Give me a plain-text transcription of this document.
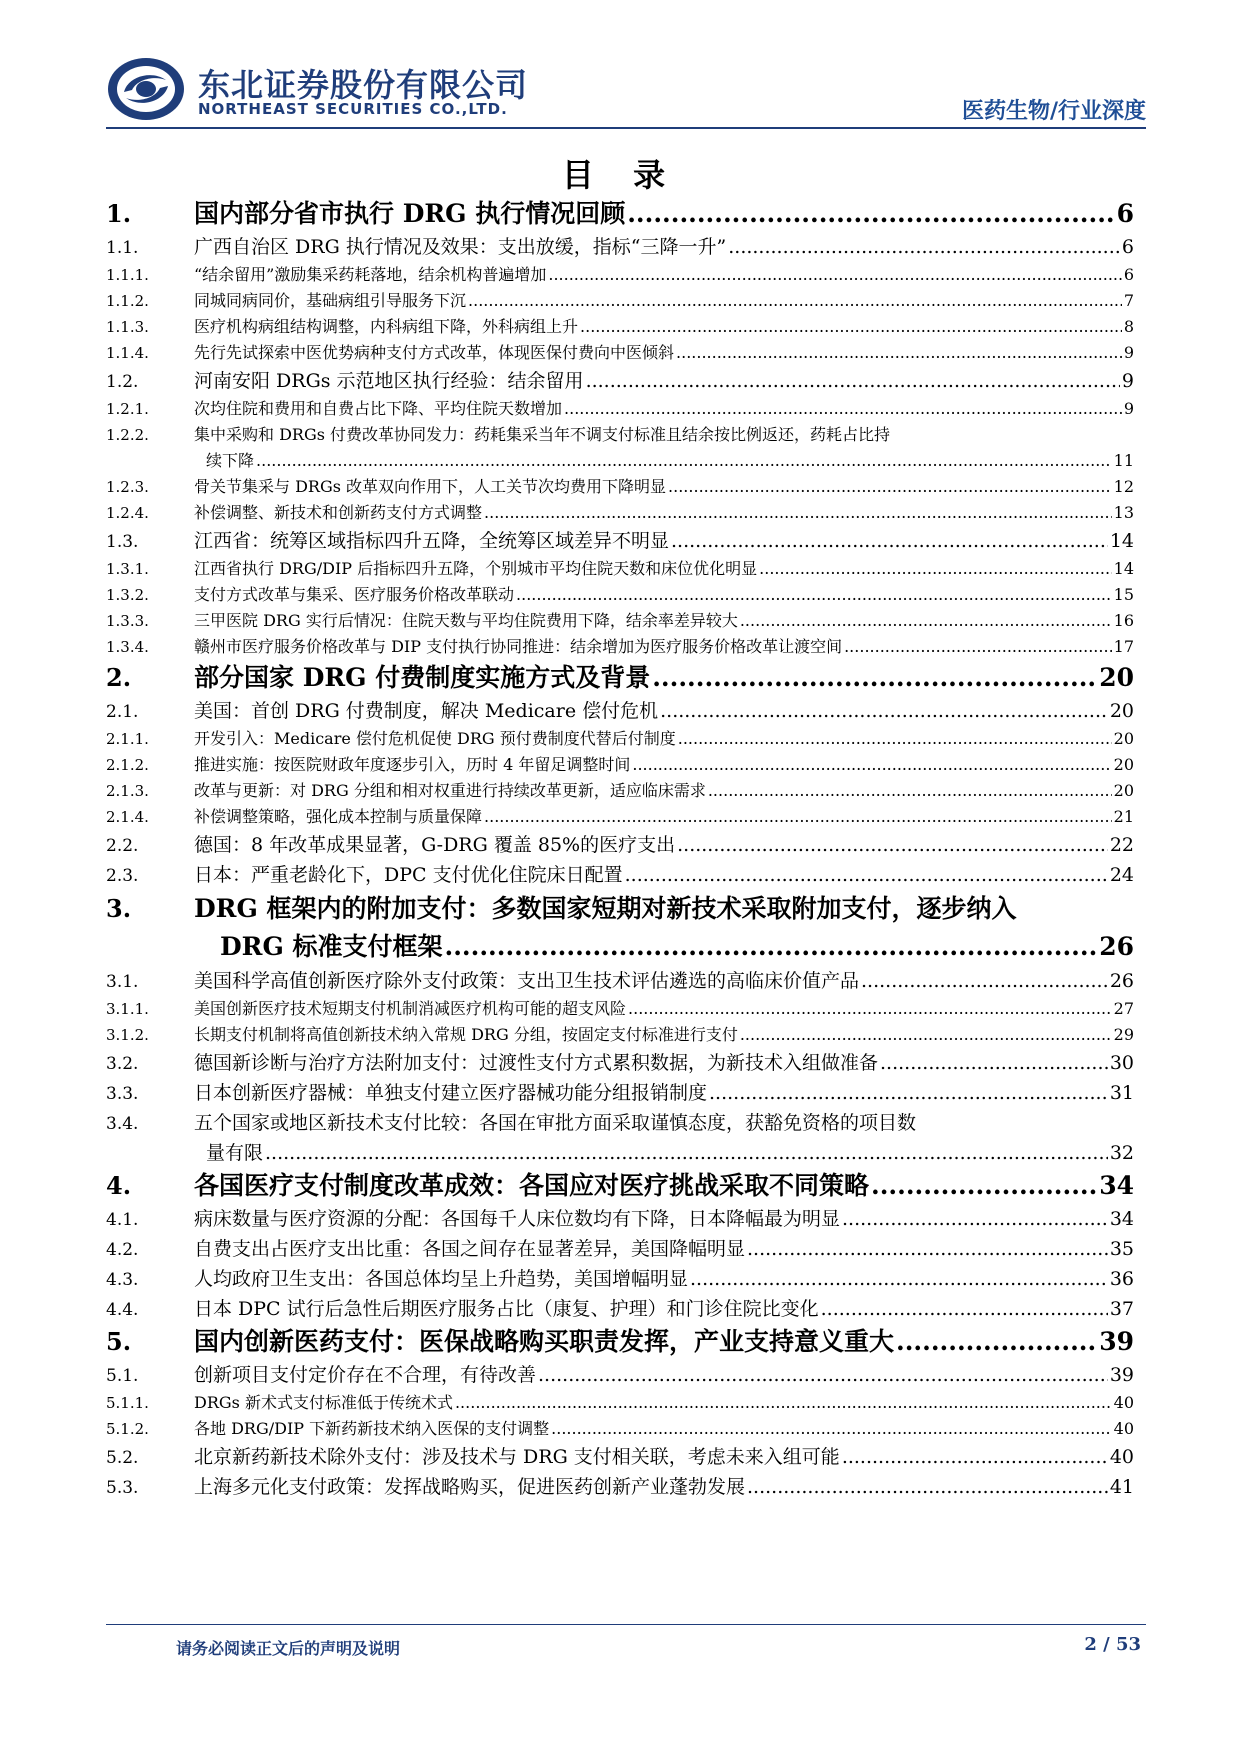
东北证券股份有限公司
NORTHEAST SECURITIES CO.,LTD.	医药生物/行业深度
目 录
1.	国内部分省市执行 DRG 执行情况回顾 .....	6
1.1.	广西自治区 DRG 执行情况及效果：支出放缓，指标“三降一升” .....	6
1.1.1.	“结余留用”激励集采药耗落地，结余机构普遍增加 .....	6
1.1.2.	同城同病同价，基础病组引导服务下沉 .....	7
1.1.3.	医疗机构病组结构调整，内科病组下降，外科病组上升 .....	8
1.1.4.	先行先试探索中医优势病种支付方式改革，体现医保付费向中医倾斜 .....	9
1.2.	河南安阳 DRGs 示范地区执行经验：结余留用 .....	9
1.2.1.	次均住院和费用和自费占比下降、平均住院天数增加 .....	9
1.2.2.	集中采购和 DRGs 付费改革协同发力：药耗集采当年不调支付标准且结余按比例返还，药耗占比持
续下降 .....	11
1.2.3.	骨关节集采与 DRGs 改革双向作用下，人工关节次均费用下降明显 .....	12
1.2.4.	补偿调整、新技术和创新药支付方式调整 .....	13
1.3.	江西省：统筹区域指标四升五降，全统筹区域差异不明显 .....	14
1.3.1.	江西省执行 DRG/DIP 后指标四升五降，个别城市平均住院天数和床位优化明显 .....	14
1.3.2.	支付方式改革与集采、医疗服务价格改革联动 .....	15
1.3.3.	三甲医院 DRG 实行后情况：住院天数与平均住院费用下降，结余率差异较大 .....	16
1.3.4.	赣州市医疗服务价格改革与 DIP 支付执行协同推进：结余增加为医疗服务价格改革让渡空间 .....	17
2.	部分国家 DRG 付费制度实施方式及背景 .....	20
2.1.	美国：首创 DRG 付费制度，解决 Medicare 偿付危机 .....	20
2.1.1.	开发引入：Medicare 偿付危机促使 DRG 预付费制度代替后付制度 .....	20
2.1.2.	推进实施：按医院财政年度逐步引入，历时 4 年留足调整时间 .....	20
2.1.3.	改革与更新：对 DRG 分组和相对权重进行持续改革更新，适应临床需求 .....	20
2.1.4.	补偿调整策略，强化成本控制与质量保障 .....	21
2.2.	德国：8 年改革成果显著，G-DRG 覆盖 85%的医疗支出 .....	22
2.3.	日本：严重老龄化下，DPC 支付优化住院床日配置 .....	24
3.	DRG 框架内的附加支付：多数国家短期对新技术采取附加支付，逐步纳入
DRG 标准支付框架 .....	26
3.1.	美国科学高值创新医疗除外支付政策：支出卫生技术评估遴选的高临床价值产品 .....	26
3.1.1.	美国创新医疗技术短期支付机制消减医疗机构可能的超支风险 .....	27
3.1.2.	长期支付机制将高值创新技术纳入常规 DRG 分组，按固定支付标准进行支付 .....	29
3.2.	德国新诊断与治疗方法附加支付：过渡性支付方式累积数据，为新技术入组做准备 .....	30
3.3.	日本创新医疗器械：单独支付建立医疗器械功能分组报销制度 .....	31
3.4.	五个国家或地区新技术支付比较：各国在审批方面采取谨慎态度，获豁免资格的项目数
量有限 .....	32
4.	各国医疗支付制度改革成效：各国应对医疗挑战采取不同策略 .....	34
4.1.	病床数量与医疗资源的分配：各国每千人床位数均有下降，日本降幅最为明显 .....	34
4.2.	自费支出占医疗支出比重：各国之间存在显著差异，美国降幅明显 .....	35
4.3.	人均政府卫生支出：各国总体均呈上升趋势，美国增幅明显 .....	36
4.4.	日本 DPC 试行后急性后期医疗服务占比（康复、护理）和门诊住院比变化 .....	37
5.	国内创新医药支付：医保战略购买职责发挥，产业支持意义重大 .....	39
5.1.	创新项目支付定价存在不合理，有待改善 .....	39
5.1.1.	DRGs 新术式支付标准低于传统术式 .....	40
5.1.2.	各地 DRG/DIP 下新药新技术纳入医保的支付调整 .....	40
5.2.	北京新药新技术除外支付：涉及技术与 DRG 支付相关联，考虑未来入组可能 .....	40
5.3.	上海多元化支付政策：发挥战略购买，促进医药创新产业蓬勃发展 .....	41
请务必阅读正文后的声明及说明	2 / 53
